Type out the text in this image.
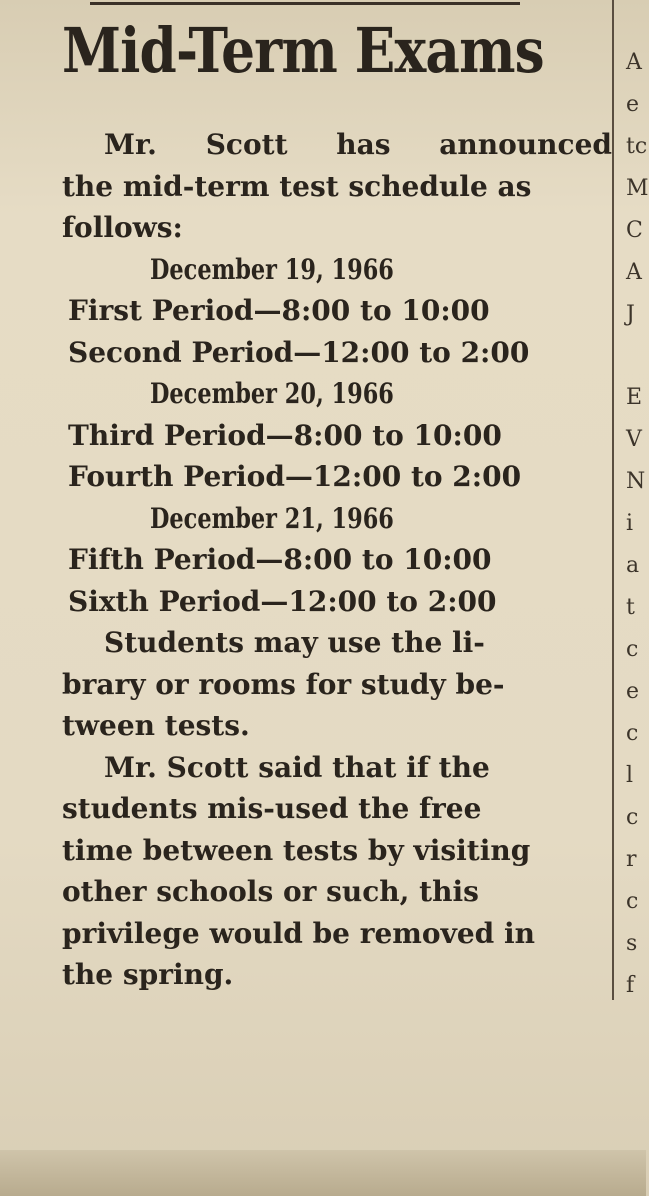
Mid-Term Exams
Mr. Scott has announced
the mid-term test schedule as
follows:
December 19, 1966
First Period—8:00 to 10:00
Second Period—12:00 to 2:00
December 20, 1966
Third Period—8:00 to 10:00
Fourth Period—12:00 to 2:00
December 21, 1966
Fifth Period—8:00 to 10:00
Sixth Period—12:00 to 2:00
Students may use the li-
brary or rooms for study be-
tween tests.
Mr. Scott said that if the
students mis-used the free
time between tests by visiting
other schools or such, this
privilege would be removed in
the spring.
A
e
tc
M
C
A
J
E
V
N
i
a
t
c
e
c
l
c
r
c
s
f
